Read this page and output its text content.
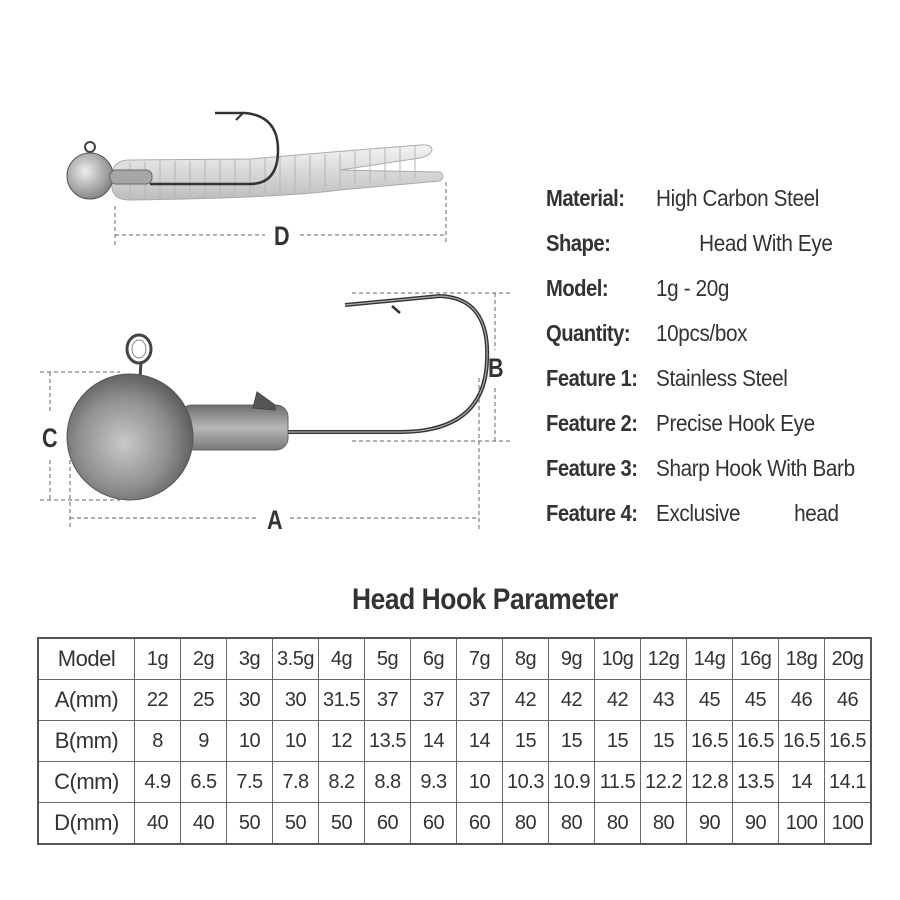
D
C
A
B
Material:	High Carbon Steel
Shape:	Head With Eye
Model:	1g - 20g
Quantity:	10pcs/box
Feature 1: Stainless Steel
Feature 2: Precise Hook Eye
Feature 3: Sharp Hook With Barb
Feature 4: Exclusive          head
Head Hook Parameter
Model	1g	2g	3g	3.5g	4g	5g	6g	7g	8g	9g	10g	12g	14g	16g	18g	20g
A(mm)	22	25	30	30	31.5	37	37	37	42	42	42	43	45	45	46	46
B(mm)	8	9	10	10	12	13.5	14	14	15	15	15	15	16.5	16.5	16.5	16.5
C(mm)	4.9	6.5	7.5	7.8	8.2	8.8	9.3	10	10.3	10.9	11.5	12.2	12.8	13.5	14	14.1
D(mm)	40	40	50	50	50	60	60	60	80	80	80	80	90	90	100	100
